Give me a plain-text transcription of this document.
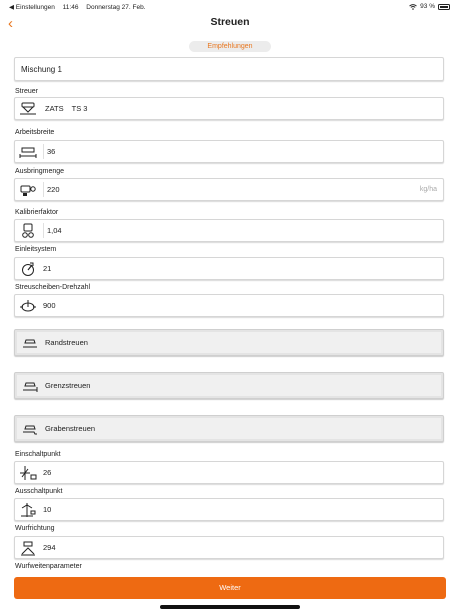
◀ Einstellungen 11:46 Donnerstag 27. Feb.	93 %
‹	Streuen
Empfehlungen
Mischung 1
Streuer
ZATS	TS 3
Arbeitsbreite
36
Ausbringmenge
220	kg/ha
Kalibrierfaktor
1,04
Einleitsystem
21
Streuscheiben-Drehzahl
900
Randstreuen
Grenzstreuen
Grabenstreuen
Einschaltpunkt
26
Ausschaltpunkt
10
Wurfrichtung
294
Wurfweitenparameter
Weiter
